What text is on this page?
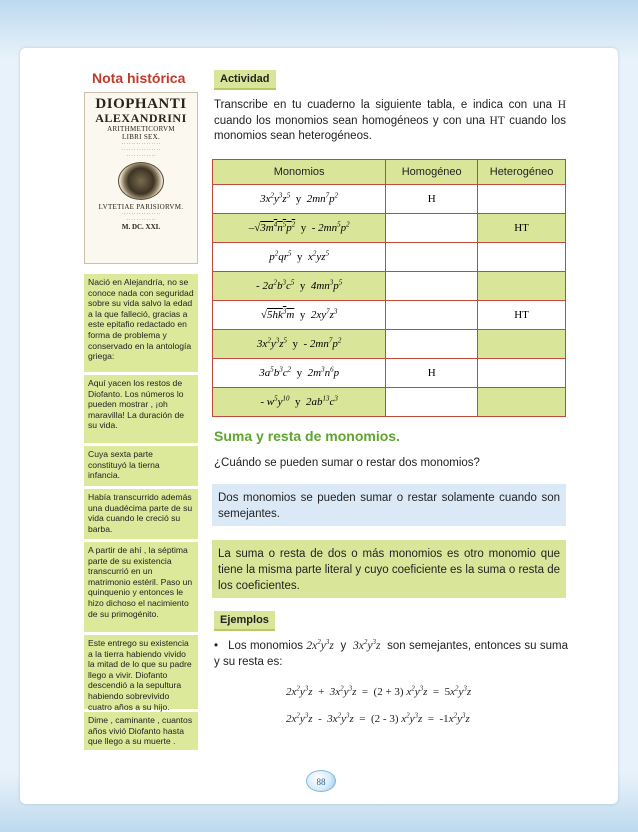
Nota histórica
DIOPHANTI
ALEXANDRINI
ARITHMETICORVM
LIBRI SEX.
. . . . . . . . . . . . . . . .
. . . . . . . . . . . . . . . .
. . . . . . . . . . . .
LVTETIAE PARISIORVM.
. . . . . . . . . . . . . . . .
. . . . . . . . . . . .
M. DC. XXI.
Nació en Alejandría, no se conoce nada con seguridad sobre su vida salvo la edad a la que falleció, gracias a este epitafio redactado en forma de problema y conservado en la antología griega:
Aquí yacen los restos de Diofanto. Los números lo pueden mostrar , ¡oh maravilla! La duración de su vida.
Cuya sexta parte constituyó la tierna infancia.
Había transcurrido además una duadécima parte de su vida cuando le creció su barba.
A partir de ahí , la séptima parte de su existencia transcurrió en un matrimonio estéril. Paso un quinquenio y entonces le hizo dichoso el nacimiento de su primogénito.
Este entrego su existencia a la tierra habiendo vivido la mitad de lo que su padre llego a vivir. Diofanto descendió a la sepultura habiendo sobrevivido cuatro años a su hijo.
Dime , caminante , cuantos años vivió Diofanto hasta que llego a su muerte .
Actividad
Transcribe en tu cuaderno la siguiente tabla, e indica con una H cuando los monomios sean homogéneos y con una HT cuando los monomios sean heterogéneos.
Monomios	Homogéneo	Heterogéneo
$3x^2y^3z^5$ y $2mn^7p^2$	H	
$-√3m^4n^5p^2$ y  - $2mn^5p^2$		HT
$p^2qr^5$ y $x^2yz^5$		
- $2a^2b^3c^5$ y $4mn^3p^5$		
$√5hk^3m$ y $2xy^7z^3$		HT
$3x^2y^3z^5$ y  - $2mn^7p^2$		
$3a^5b^3c^2$ y $2m^3n^6p$	H	
- $w^5y^{10}$ y $2ab^{13}c^3$		
Suma y resta de monomios.
¿Cuándo se pueden sumar o restar dos monomios?
Dos monomios se pueden sumar o restar solamente cuando son semejantes.
La suma o resta de dos o más monomios es otro monomio que tiene la misma parte literal y cuyo coeficiente es la suma o resta de los coeficientes.
Ejemplos
• Los monomios $2x^2y^3z$ y $3x^2y^3z$ son semejantes, entonces su suma y su resta es:
$2x^2y^3z + 3x^2y^3z = (2 + 3) x^2y^3z = 5x^2y^3z$
$2x^2y^3z - 3x^2y^3z = (2 - 3) x^2y^3z = -1x^2y^3z$
88
